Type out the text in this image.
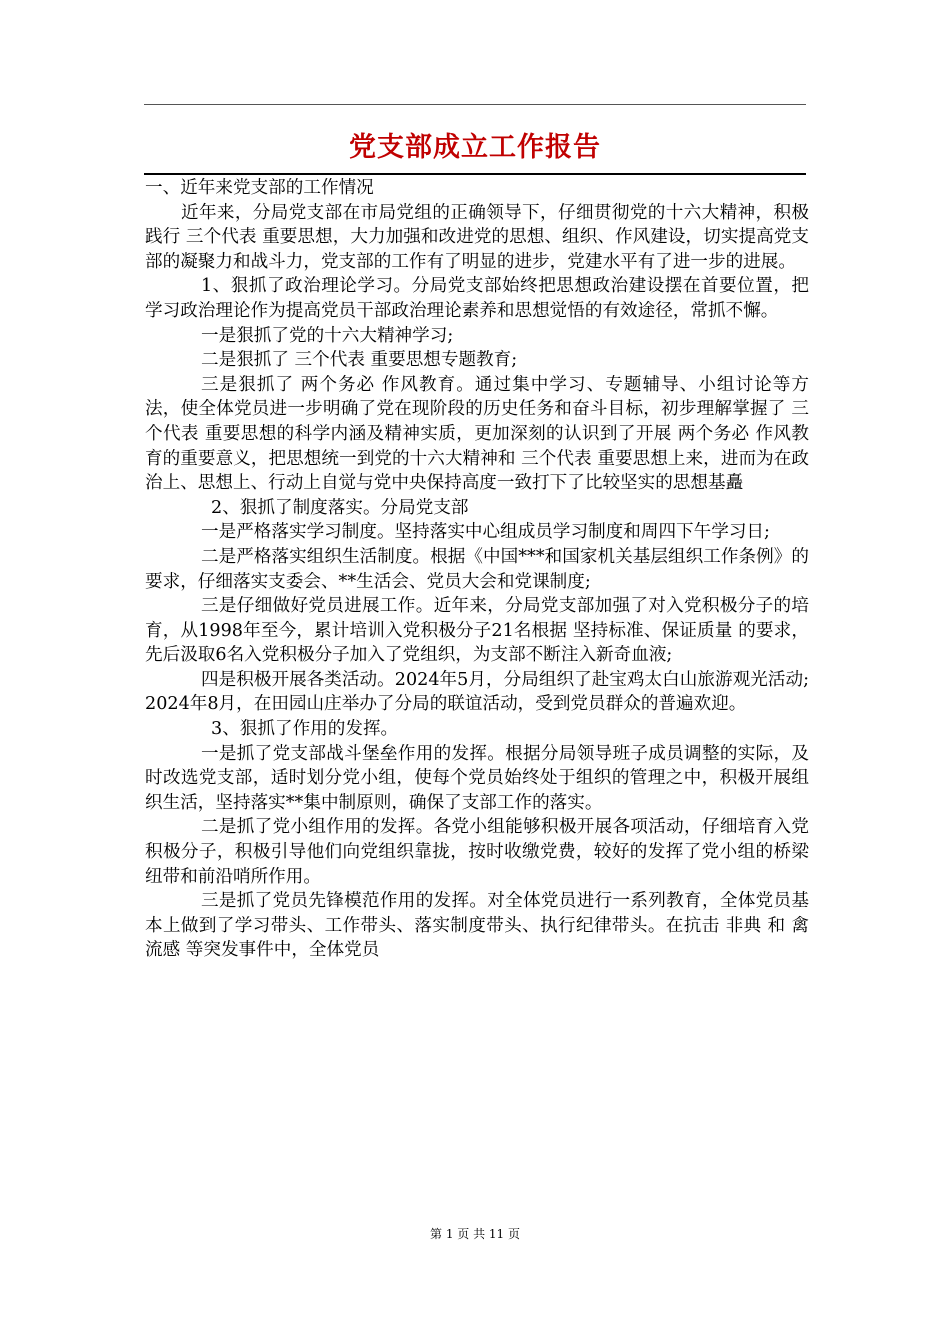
党支部成立工作报告

一、近年来党支部的工作情况

近年来，分局党支部在市局党组的正确领导下，仔细贯彻党的十六大精神，积极践行 三个代表 重要思想，大力加强和改进党的思想、组织、作风建设，切实提高党支部的凝聚力和战斗力，党支部的工作有了明显的进步，党建水平有了进一步的进展。

1、狠抓了政治理论学习。分局党支部始终把思想政治建设摆在首要位置，把学习政治理论作为提高党员干部政治理论素养和思想觉悟的有效途径，常抓不懈。

一是狠抓了党的十六大精神学习;

二是狠抓了 三个代表 重要思想专题教育;

三是狠抓了 两个务必 作风教育。通过集中学习、专题辅导、小组讨论等方法，使全体党员进一步明确了党在现阶段的历史任务和奋斗目标，初步理解掌握了 三个代表 重要思想的科学内涵及精神实质，更加深刻的认识到了开展 两个务必 作风教育的重要意义，把思想统一到党的十六大精神和 三个代表 重要思想上来，进而为在政治上、思想上、行动上自觉与党中央保持高度一致打下了比较坚实的思想基矗

2、狠抓了制度落实。分局党支部

一是严格落实学习制度。坚持落实中心组成员学习制度和周四下午学习日;

二是严格落实组织生活制度。根据《中国***和国家机关基层组织工作条例》的要求，仔细落实支委会、**生活会、党员大会和党课制度;

三是仔细做好党员进展工作。近年来，分局党支部加强了对入党积极分子的培育，从1998年至今，累计培训入党积极分子21名根据 坚持标准、保证质量 的要求，先后汲取6名入党积极分子加入了党组织，为支部不断注入新奇血液;

四是积极开展各类活动。2024年5月，分局组织了赴宝鸡太白山旅游观光活动;2024年8月，在田园山庄举办了分局的联谊活动，受到党员群众的普遍欢迎。

3、狠抓了作用的发挥。

一是抓了党支部战斗堡垒作用的发挥。根据分局领导班子成员调整的实际，及时改选党支部，适时划分党小组，使每个党员始终处于组织的管理之中，积极开展组织生活，坚持落实**集中制原则，确保了支部工作的落实。

二是抓了党小组作用的发挥。各党小组能够积极开展各项活动，仔细培育入党积极分子，积极引导他们向党组织靠拢，按时收缴党费，较好的发挥了党小组的桥梁纽带和前沿哨所作用。

三是抓了党员先锋模范作用的发挥。对全体党员进行一系列教育，全体党员基本上做到了学习带头、工作带头、落实制度带头、执行纪律带头。在抗击 非典 和 禽流感 等突发事件中，全体党员

第 1 页 共 11 页
